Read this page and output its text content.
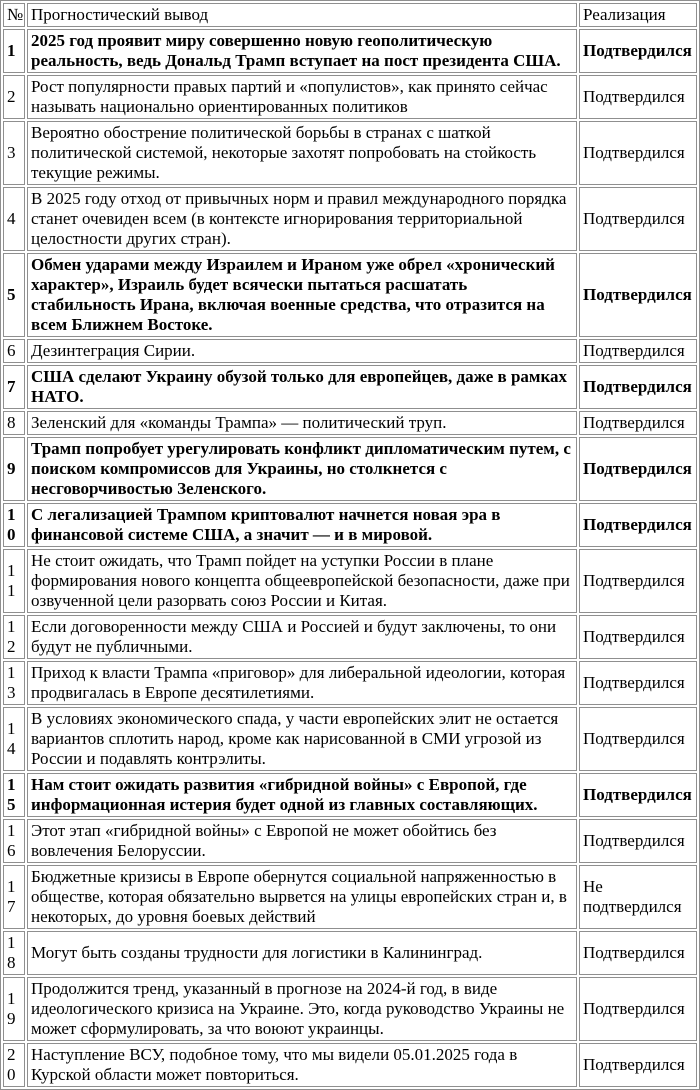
№	Прогностический вывод	Реализация
1	2025 год проявит миру совершенно новую геополитическую реальность, ведь Дональд Трамп вступает на пост президента США.	Подтвердился
2	Рост популярности правых партий и «популистов», как принято сейчас называть национально ориентированных политиков	Подтвердился
3	Вероятно обострение политической борьбы в странах с шаткой политической системой, некоторые захотят попробовать на стойкость текущие режимы.	Подтвердился
4	В 2025 году отход от привычных норм и правил международного порядка станет очевиден всем (в контексте игнорирования территориальной целостности других стран).	Подтвердился
5	Обмен ударами между Израилем и Ираном уже обрел «хронический характер», Израиль будет всячески пытаться расшатать стабильность Ирана, включая военные средства, что отразится на всем Ближнем Востоке.	Подтвердился
6	Дезинтеграция Сирии.	Подтвердился
7	США сделают Украину обузой только для европейцев, даже в рамках НАТО.	Подтвердился
8	Зеленский для «команды Трампа» — политический труп.	Подтвердился
9	Трамп попробует урегулировать конфликт дипломатическим путем, с поиском компромиссов для Украины, но столкнется с несговорчивостью Зеленского.	Подтвердился
10	С легализацией Трампом криптовалют начнется новая эра в финансовой системе США, а значит — и в мировой.	Подтвердился
11	Не стоит ожидать, что Трамп пойдет на уступки России в плане формирования нового концепта общеевропейской безопасности, даже при озвученной цели разорвать союз России и Китая.	Подтвердился
12	Если договоренности между США и Россией и будут заключены, то они будут не публичными.	Подтвердился
13	Приход к власти Трампа «приговор» для либеральной идеологии, которая продвигалась в Европе десятилетиями.	Подтвердился
14	В условиях экономического спада, у части европейских элит не остается вариантов сплотить народ, кроме как нарисованной в СМИ угрозой из России и подавлять контрэлиты.	Подтвердился
15	Нам стоит ожидать развития «гибридной войны» с Европой, где информационная истерия будет одной из главных составляющих.	Подтвердился
16	Этот этап «гибридной войны» с Европой не может обойтись без вовлечения Белоруссии.	Подтвердился
17	Бюджетные кризисы в Европе обернутся социальной напряженностью в обществе, которая обязательно вырвется на улицы европейских стран и, в некоторых, до уровня боевых действий	Не подтвердился
18	Могут быть созданы трудности для логистики в Калининград.	Подтвердился
19	Продолжится тренд, указанный в прогнозе на 2024-й год, в виде идеологического кризиса на Украине. Это, когда руководство Украины не может сформулировать, за что воюют украинцы.	Подтвердился
20	Наступление ВСУ, подобное тому, что мы видели 05.01.2025 года в Курской области может повториться.	Подтвердился
